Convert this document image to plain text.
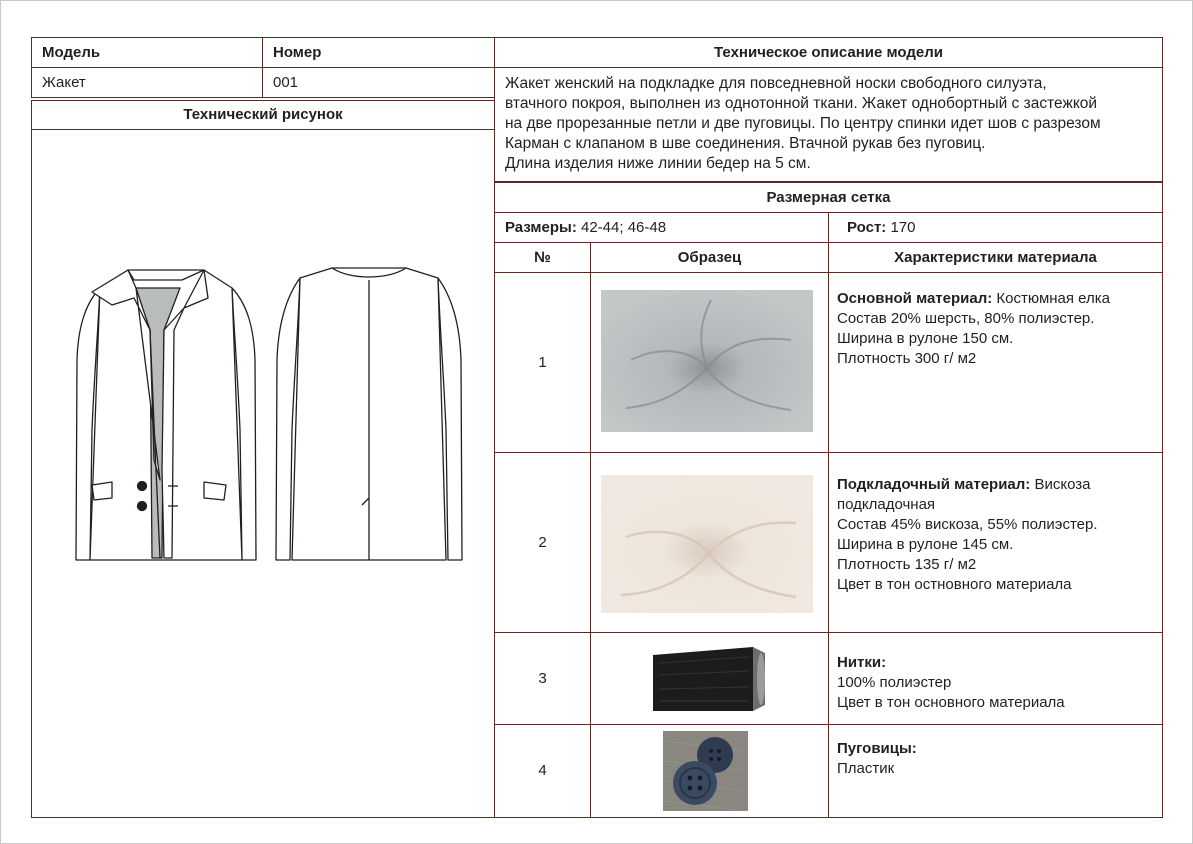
Модель	Номер
Жакет	001
Технический рисунок
Техническое описание модели
Жакет женский на подкладке для повседневной носки свободного силуэта,
втачного покроя, выполнен из однотонной ткани. Жакет однобортный с застежкой
на две прорезанные петли и две пуговицы. По центру спинки идет шов с разрезом
Карман с клапаном в шве соединения. Втачной рукав без пуговиц.
Длина изделия ниже линии бедер на 5 см.
Размерная сетка
Размеры: 42-44; 46-48	Рост: 170
№	Образец	Характеристики материала
1
Основной материал: Костюмная елка
Состав 20% шерсть, 80% полиэстер.
Ширина в рулоне 150 см.
Плотность 300 г/ м2
2
Подкладочный материал: Вискоза
подкладочная
Состав 45% вискоза, 55% полиэстер.
Ширина в рулоне 145 см.
Плотность 135 г/ м2
Цвет в тон остновного материала
3
Нитки:
100% полиэстер
Цвет в тон основного материала
4
Пуговицы:
Пластик
